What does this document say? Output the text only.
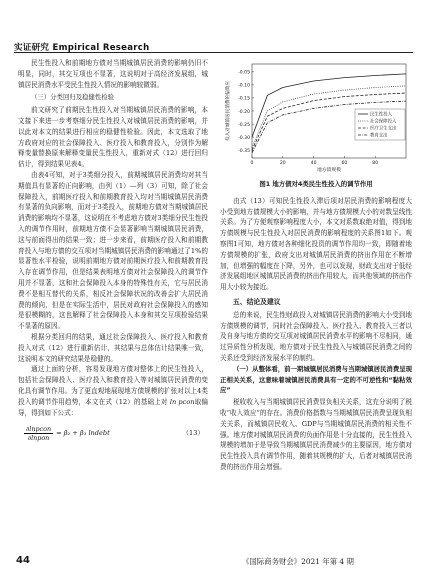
实证研究 Empirical Research

民生性投入和前期地方债对当期城镇居民消费的影响仍旧不明显，同时，其交互项也不显著，这说明对于高经济发展组，城镇居民消费水平受民生性投入情况的影响较微弱。

（三）分类回归及稳健性检验

前文研究了前期民生性投入对当期城镇居民消费的影响，本文接下来进一步考察细分民生性投入对城镇居民消费的影响，并以此对本文的结果进行相应的稳健性检验。因此，本文选取了地方政府对应的社会保障投入、医疗投入和教育投入，分别作为解释变量替换原来解释变量民生性投入，重新对式（12）进行回归估计，得到结果见表4。

由表4可知，对于3类细分投入，前期城镇居民消费均对其当期值具有显著的正向影响，由列（1）—列（3）可知，除了社会保障投入，前期医疗投入和前期教育投入均对当期城镇居民消费有显著的负向影响，而对于3类投入，前期地方债对当期城镇居民消费的影响均不显著，这说明在不考虑地方债对3类细分民生性投入的调节作用时，前期地方债不会显著影响当期城镇居民消费，这与前面得出的结果一致；进一步来看，前期医疗投入和前期教育投入与地方债的交互项对当期城镇居民消费的影响通过了1%的显著性水平检验，说明前期地方债对前期医疗投入和前期教育投入存在调节作用，但是结果表明地方债对社会保障投入的调节作用并不显著，这和社会保障投入本身的特殊性有关，它与居民消费不是相互替代的关系，相反社会保障状况的改善会扩大居民消费的倾向，但是在实际生活中，居民对政府社会保障投入的感知是很模糊的，这也解释了社会保障投入本身和其交互项检验结果不显著的原因。

根据分类回归的结果，通过社会保障投入、医疗投入和教育投入对式（12）进行重新估计，其结果与总体估计结果唯一致，这说明本文的研究结果是稳健的。

通过上面的分析，容易发现地方债对整体上的民生性投入，包括社会保障投入、医疗投入和教育投入等对城镇居民消费的变化具有调节作用。为了更直观地展现地方债规模的扩张对以上4类投入的调节作用趋势，本文在式（12）的基础上对 ln pcon取偏导，得到如下公式：

$\frac{\text{∂lnpcon}}{\text{∂lnpon}} = \beta_2 + \beta_3$ lndebt	（13）
-0.05
-0.10
-0.15
-0.20
-0.25
-0.30
-0.35
0	20	40	60	80
地方债规模
投入对城镇居民消费的偏效应	民生性投入
社会保障投入
医疗卫生支出
教育支出
图1 地方债对4类民生性投入的调节作用

由式（13）可知民生性投入滞后项对居民消费的影响程度大小受到地方债规模大小的影响，并与地方债规模大小的对数呈线性关系。为了方便观察影响程度大小，本文对系数取绝对值，得到地方债规模与民生性投入对居民消费的影响程度的关系图1如下。观察图1可知，地方债对各种细化投资的调节作用均一致，即随着地方债规模的扩张，政府支出对城镇居民消费的挤出作用在不断增加，但增强的幅度在下降，另外，也可以发现，财政支出对于低经济发展组地区城镇居民消费的挤出作用较大，而其他领域的挤出作用大小较为接近。

五、结论及建议

总的来说，民生性财政投入对城镇居民消费的影响大小受到地方债规模的调节，同时社会保障投入、医疗投入、教育投入三者以及自身与地方债的交互项对城镇居民消费水平的影响不尽相同，通过异质性分析发现，地方债对于民生性投入与城镇居民消费之间的关系还受到经济发展水平的制约。

（一）从整体看，前一期城镇居民消费与当期城镇居民消费呈现正相关关系，这意味着城镇居民消费具有一定的不可逆性和“黏粘效应”

税收收入与当期城镇居民消费显负相关关系，这充分说明了税收“收入效应”的存在。消费价格指数与当期城镇居民消费呈现负相关关系，而城镇居民收入、GDP与当期城镇居民消费的相关性不强。地方债对城镇居民消费的负面作用是十分直接的，民生性投入规模的增加于是导致当期城镇居民消费减少的主要原因，地方债对民生性投入具有调节作用，随着其规模的扩大，后者对城镇居民消费的挤出作用会增强。

44	《国际商务财会》2021 年第 4 期
